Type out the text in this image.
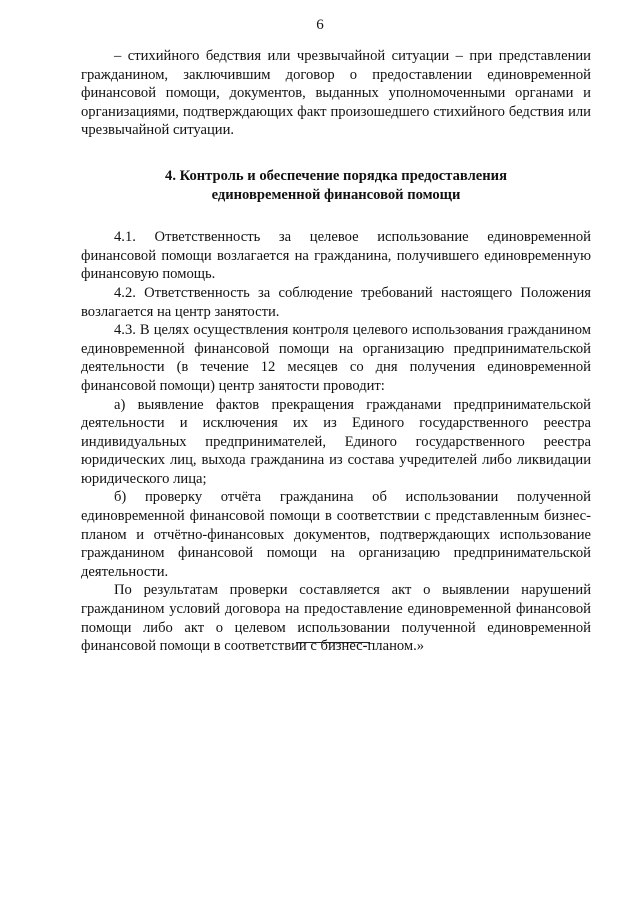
6

– стихийного бедствия или чрезвычайной ситуации – при представлении гражданином, заключившим договор о предоставлении единовременной финансовой помощи, документов, выданных уполномоченными органами и организациями, подтверждающих факт произошедшего стихийного бедствия или чрезвычайной ситуации.

4. Контроль и обеспечение порядка предоставления
единовременной финансовой помощи

4.1. Ответственность за целевое использование единовременной финансовой помощи возлагается на гражданина, получившего единовременную финансовую помощь.

4.2. Ответственность за соблюдение требований настоящего Положения возлагается на центр занятости.

4.3. В целях осуществления контроля целевого использования гражданином единовременной финансовой помощи на организацию предпринимательской деятельности (в течение 12 месяцев со дня получения единовременной финансовой помощи) центр занятости проводит:

а) выявление фактов прекращения гражданами предпринимательской деятельности и исключения их из Единого государственного реестра индивидуальных предпринимателей, Единого государственного реестра юридических лиц, выхода гражданина из состава учредителей либо ликвидации юридического лица;

б) проверку отчёта гражданина об использовании полученной единовременной финансовой помощи в соответствии с представленным бизнес-планом и отчётно-финансовых документов, подтверждающих использование гражданином финансовой помощи на организацию предпринимательской деятельности.

По результатам проверки составляется акт о выявлении нарушений гражданином условий договора на предоставление единовременной финансовой помощи либо акт о целевом использовании полученной единовременной финансовой помощи в соответствии с бизнес-планом.»
